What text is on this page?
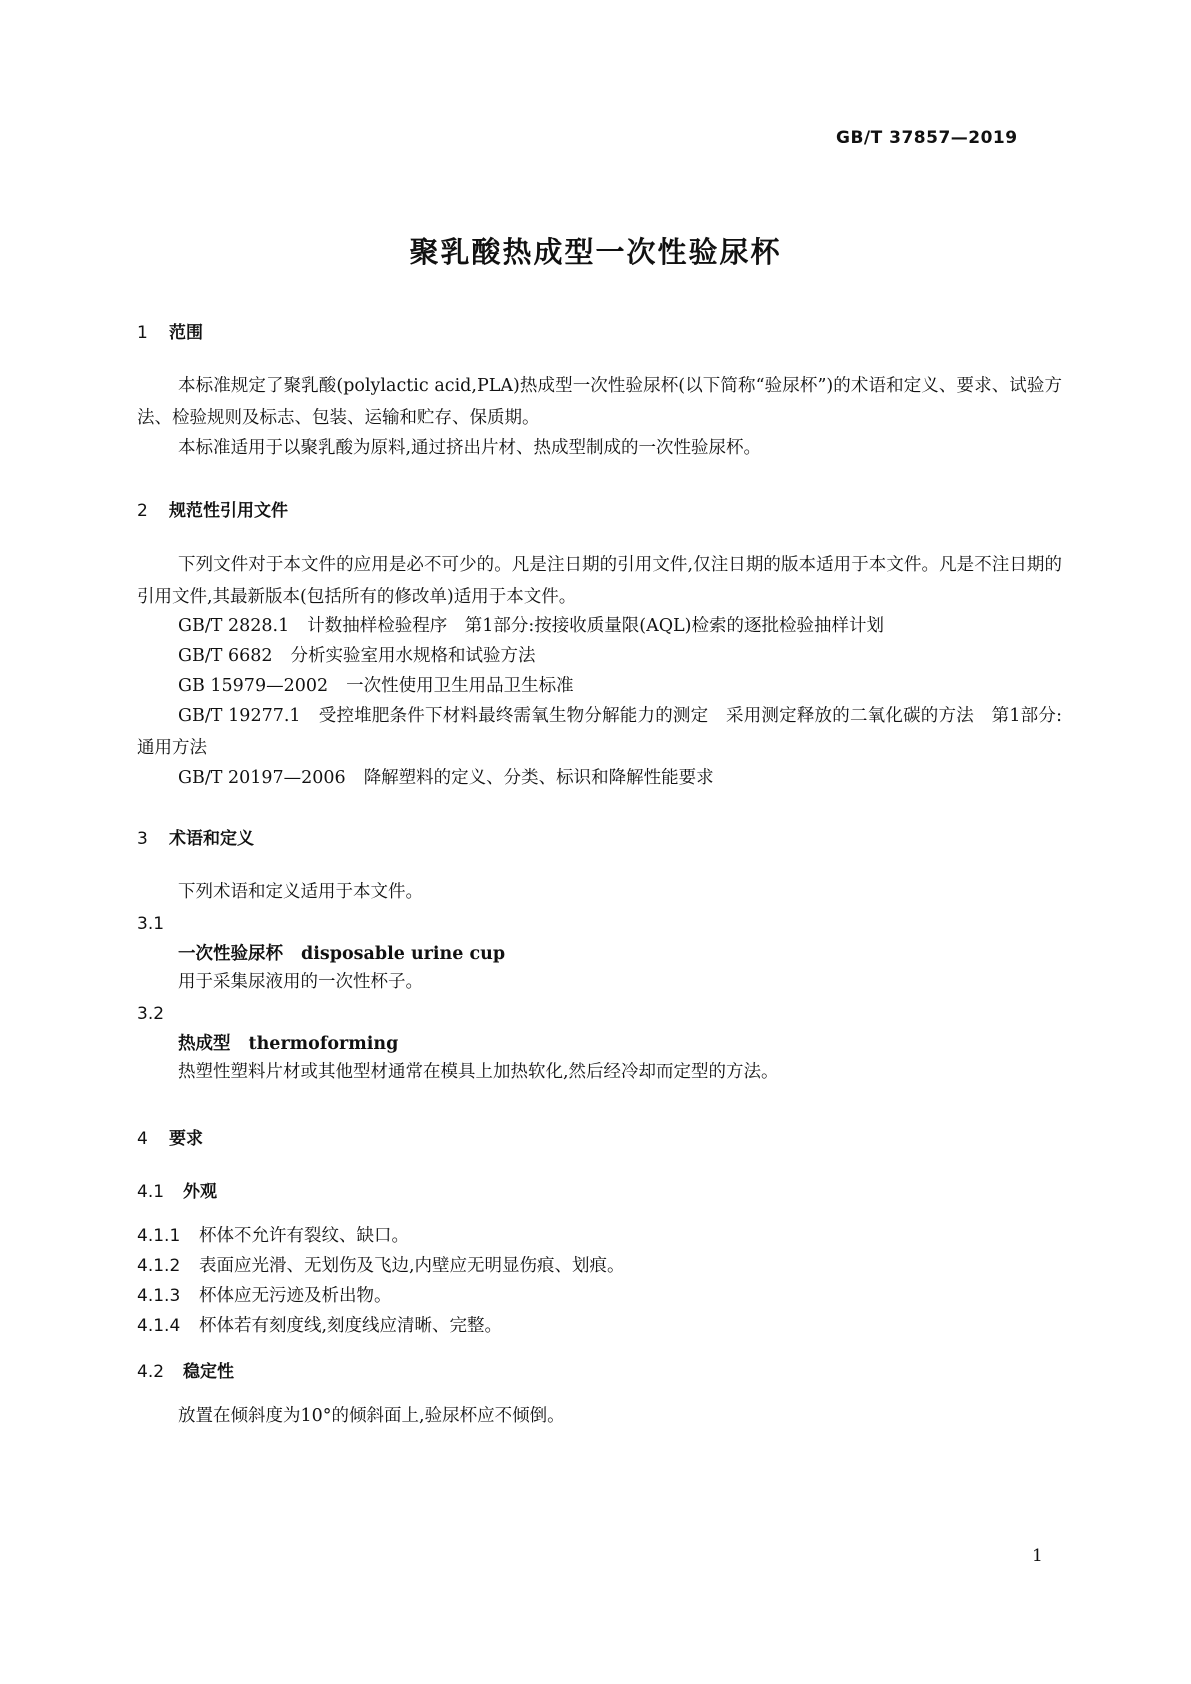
GB/T 37857—2019
聚乳酸热成型一次性验尿杯
1 范围
本标准规定了聚乳酸(polylactic acid,PLA)热成型一次性验尿杯(以下简称“验尿杯”)的术语和定义、要求、试验方法、检验规则及标志、包装、运输和贮存、保质期。
本标准适用于以聚乳酸为原料,通过挤出片材、热成型制成的一次性验尿杯。
2 规范性引用文件
下列文件对于本文件的应用是必不可少的。凡是注日期的引用文件,仅注日期的版本适用于本文件。凡是不注日期的引用文件,其最新版本(包括所有的修改单)适用于本文件。
GB/T 2828.1 计数抽样检验程序　第1部分:按接收质量限(AQL)检索的逐批检验抽样计划
GB/T 6682 分析实验室用水规格和试验方法
GB 15979—2002 一次性使用卫生用品卫生标准
GB/T 19277.1 受控堆肥条件下材料最终需氧生物分解能力的测定　采用测定释放的二氧化碳的方法　第1部分:通用方法
GB/T 20197—2006 降解塑料的定义、分类、标识和降解性能要求
3 术语和定义
下列术语和定义适用于本文件。
3.1
一次性验尿杯 disposable urine cup
用于采集尿液用的一次性杯子。
3.2
热成型 thermoforming
热塑性塑料片材或其他型材通常在模具上加热软化,然后经冷却而定型的方法。
4 要求
4.1 外观
4.1.1 杯体不允许有裂纹、缺口。
4.1.2 表面应光滑、无划伤及飞边,内壁应无明显伤痕、划痕。
4.1.3 杯体应无污迹及析出物。
4.1.4 杯体若有刻度线,刻度线应清晰、完整。
4.2 稳定性
放置在倾斜度为10°的倾斜面上,验尿杯应不倾倒。
1
